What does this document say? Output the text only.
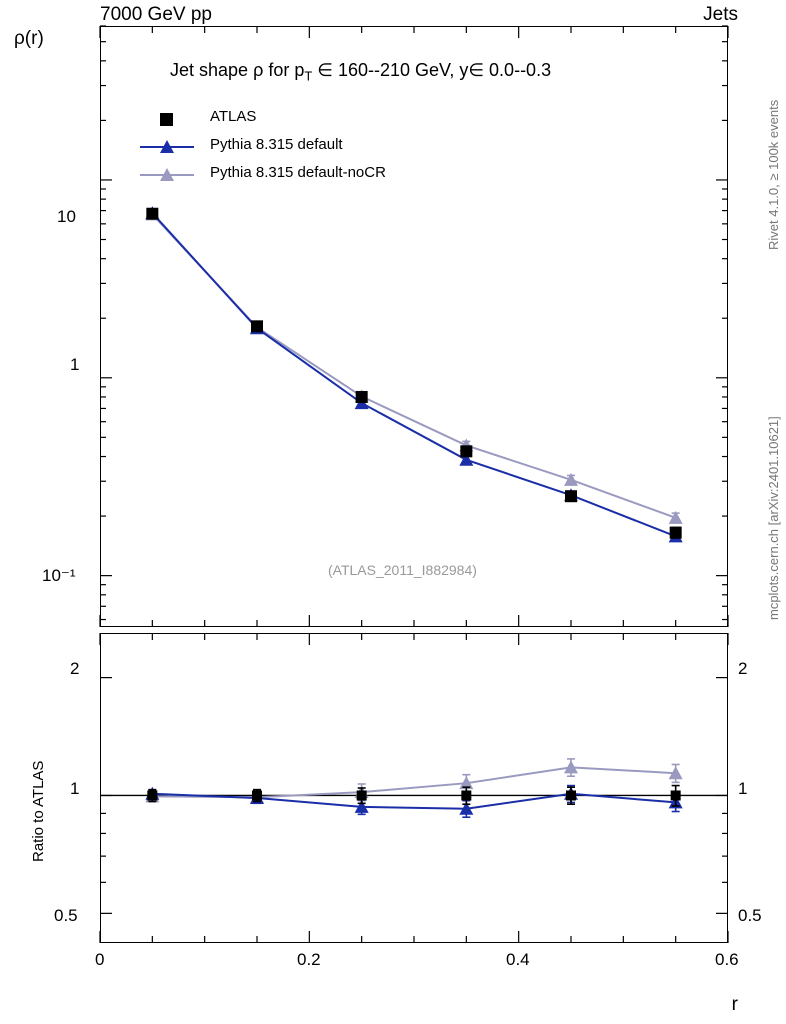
7000 GeV pp	Jets
ρ(r)
r
Rivet 4.1.0, ≥ 100k events
mcplots.cern.ch [arXiv:2401.10621]
Ratio to ATLAS
Jet shape ρ for $p_T$ ∈ 160--210 GeV, y∈ 0.0--0.3
ATLAS
Pythia 8.315 default
Pythia 8.315 default-noCR
(ATLAS_2011_I882984)
10
1
10⁻¹
2
1
0.5
2
1
0.5
0	0.2	0.4	0.6
